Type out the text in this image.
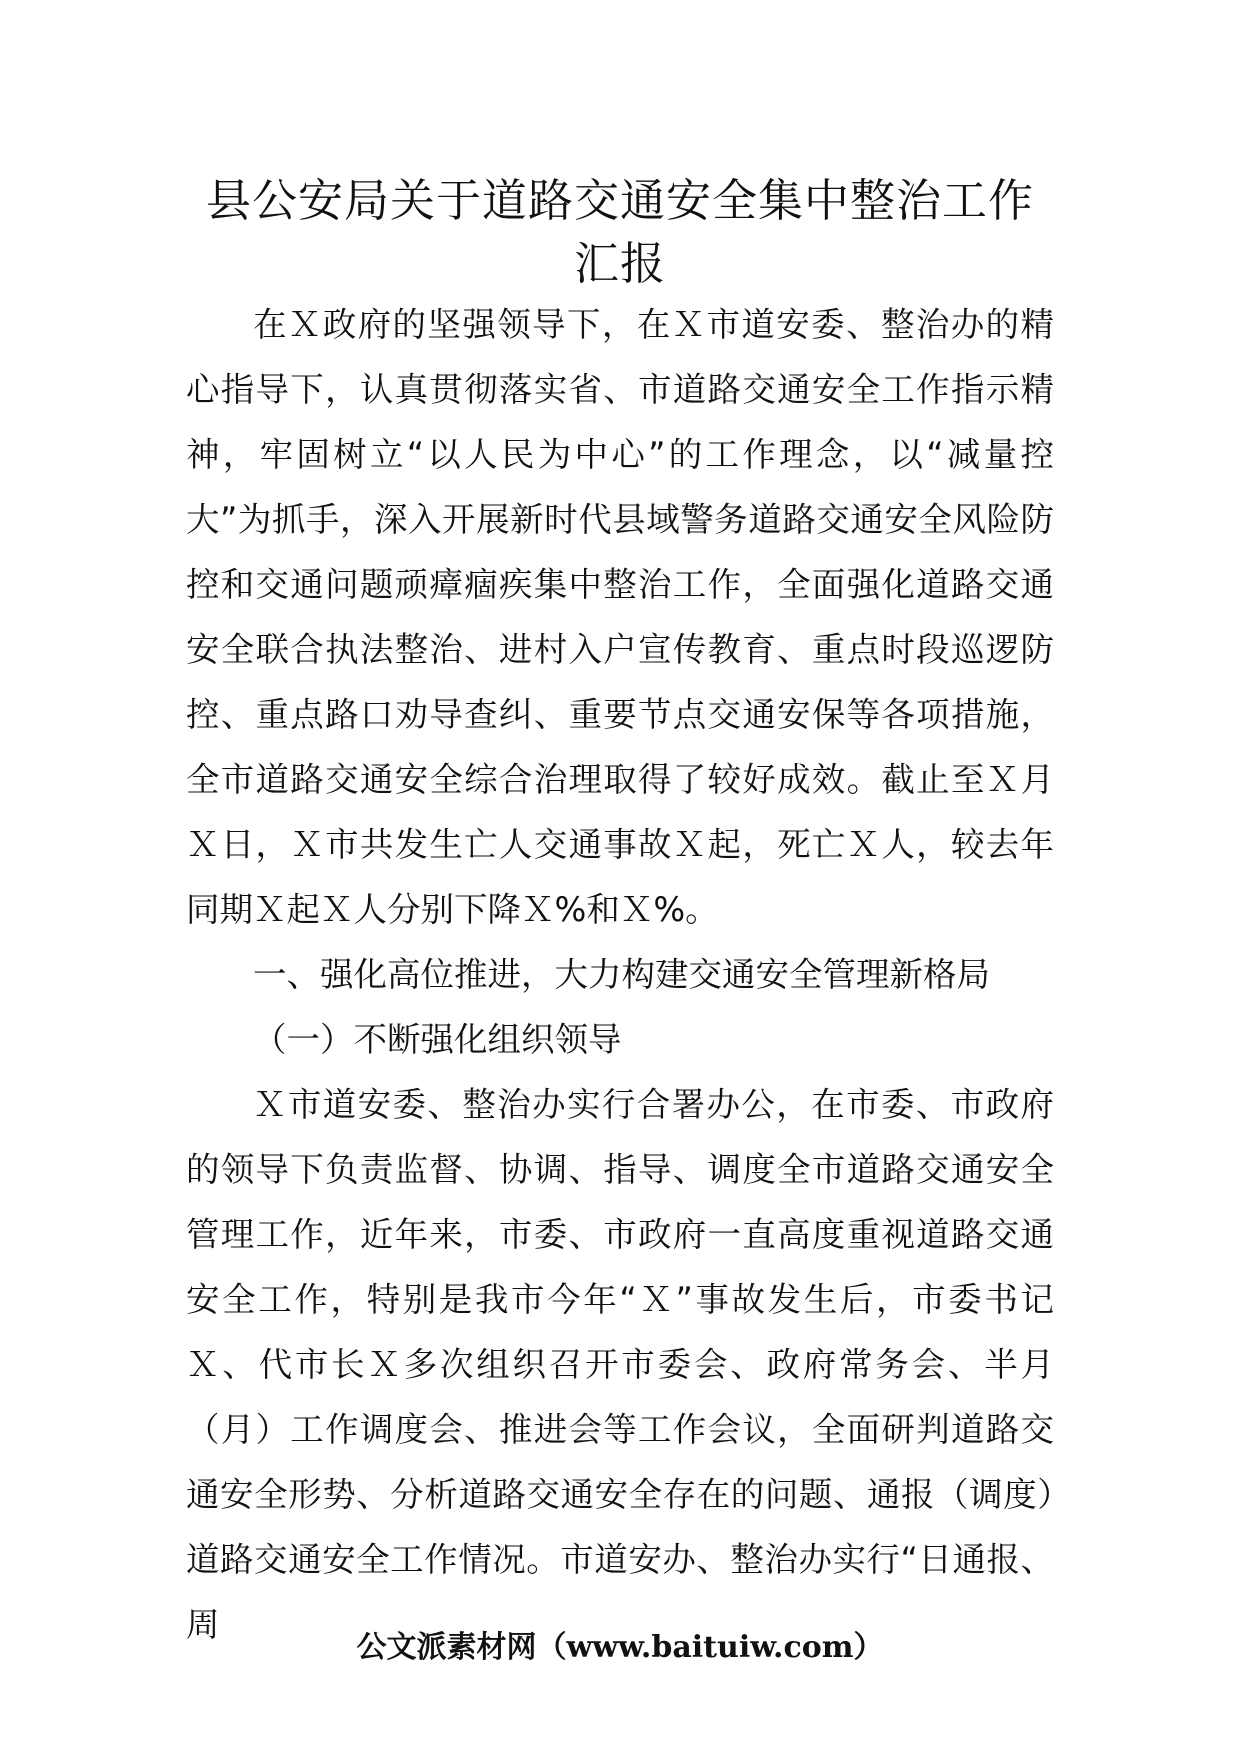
县公安局关于道路交通安全集中整治工作
汇报

在Ｘ政府的坚强领导下，在Ｘ市道安委、整治办的精心指导下，认真贯彻落实省、市道路交通安全工作指示精神，牢固树立“以人民为中心”的工作理念，以“减量控大”为抓手，深入开展新时代县域警务道路交通安全风险防控和交通问题顽瘴痼疾集中整治工作，全面强化道路交通安全联合执法整治、进村入户宣传教育、重点时段巡逻防控、重点路口劝导查纠、重要节点交通安保等各项措施，全市道路交通安全综合治理取得了较好成效。截止至Ｘ月Ｘ日，Ｘ市共发生亡人交通事故Ｘ起，死亡Ｘ人，较去年同期Ｘ起Ｘ人分别下降Ｘ%和Ｘ%。

一、强化高位推进，大力构建交通安全管理新格局

（一）不断强化组织领导

Ｘ市道安委、整治办实行合署办公，在市委、市政府的领导下负责监督、协调、指导、调度全市道路交通安全管理工作，近年来，市委、市政府一直高度重视道路交通安全工作，特别是我市今年“Ｘ”事故发生后，市委书记Ｘ、代市长Ｘ多次组织召开市委会、政府常务会、半月（月）工作调度会、推进会等工作会议，全面研判道路交通安全形势、分析道路交通安全存在的问题、通报（调度）道路交通安全工作情况。市道安办、整治办实行“日通报、周

公文派素材网（www.baituiw.com）
